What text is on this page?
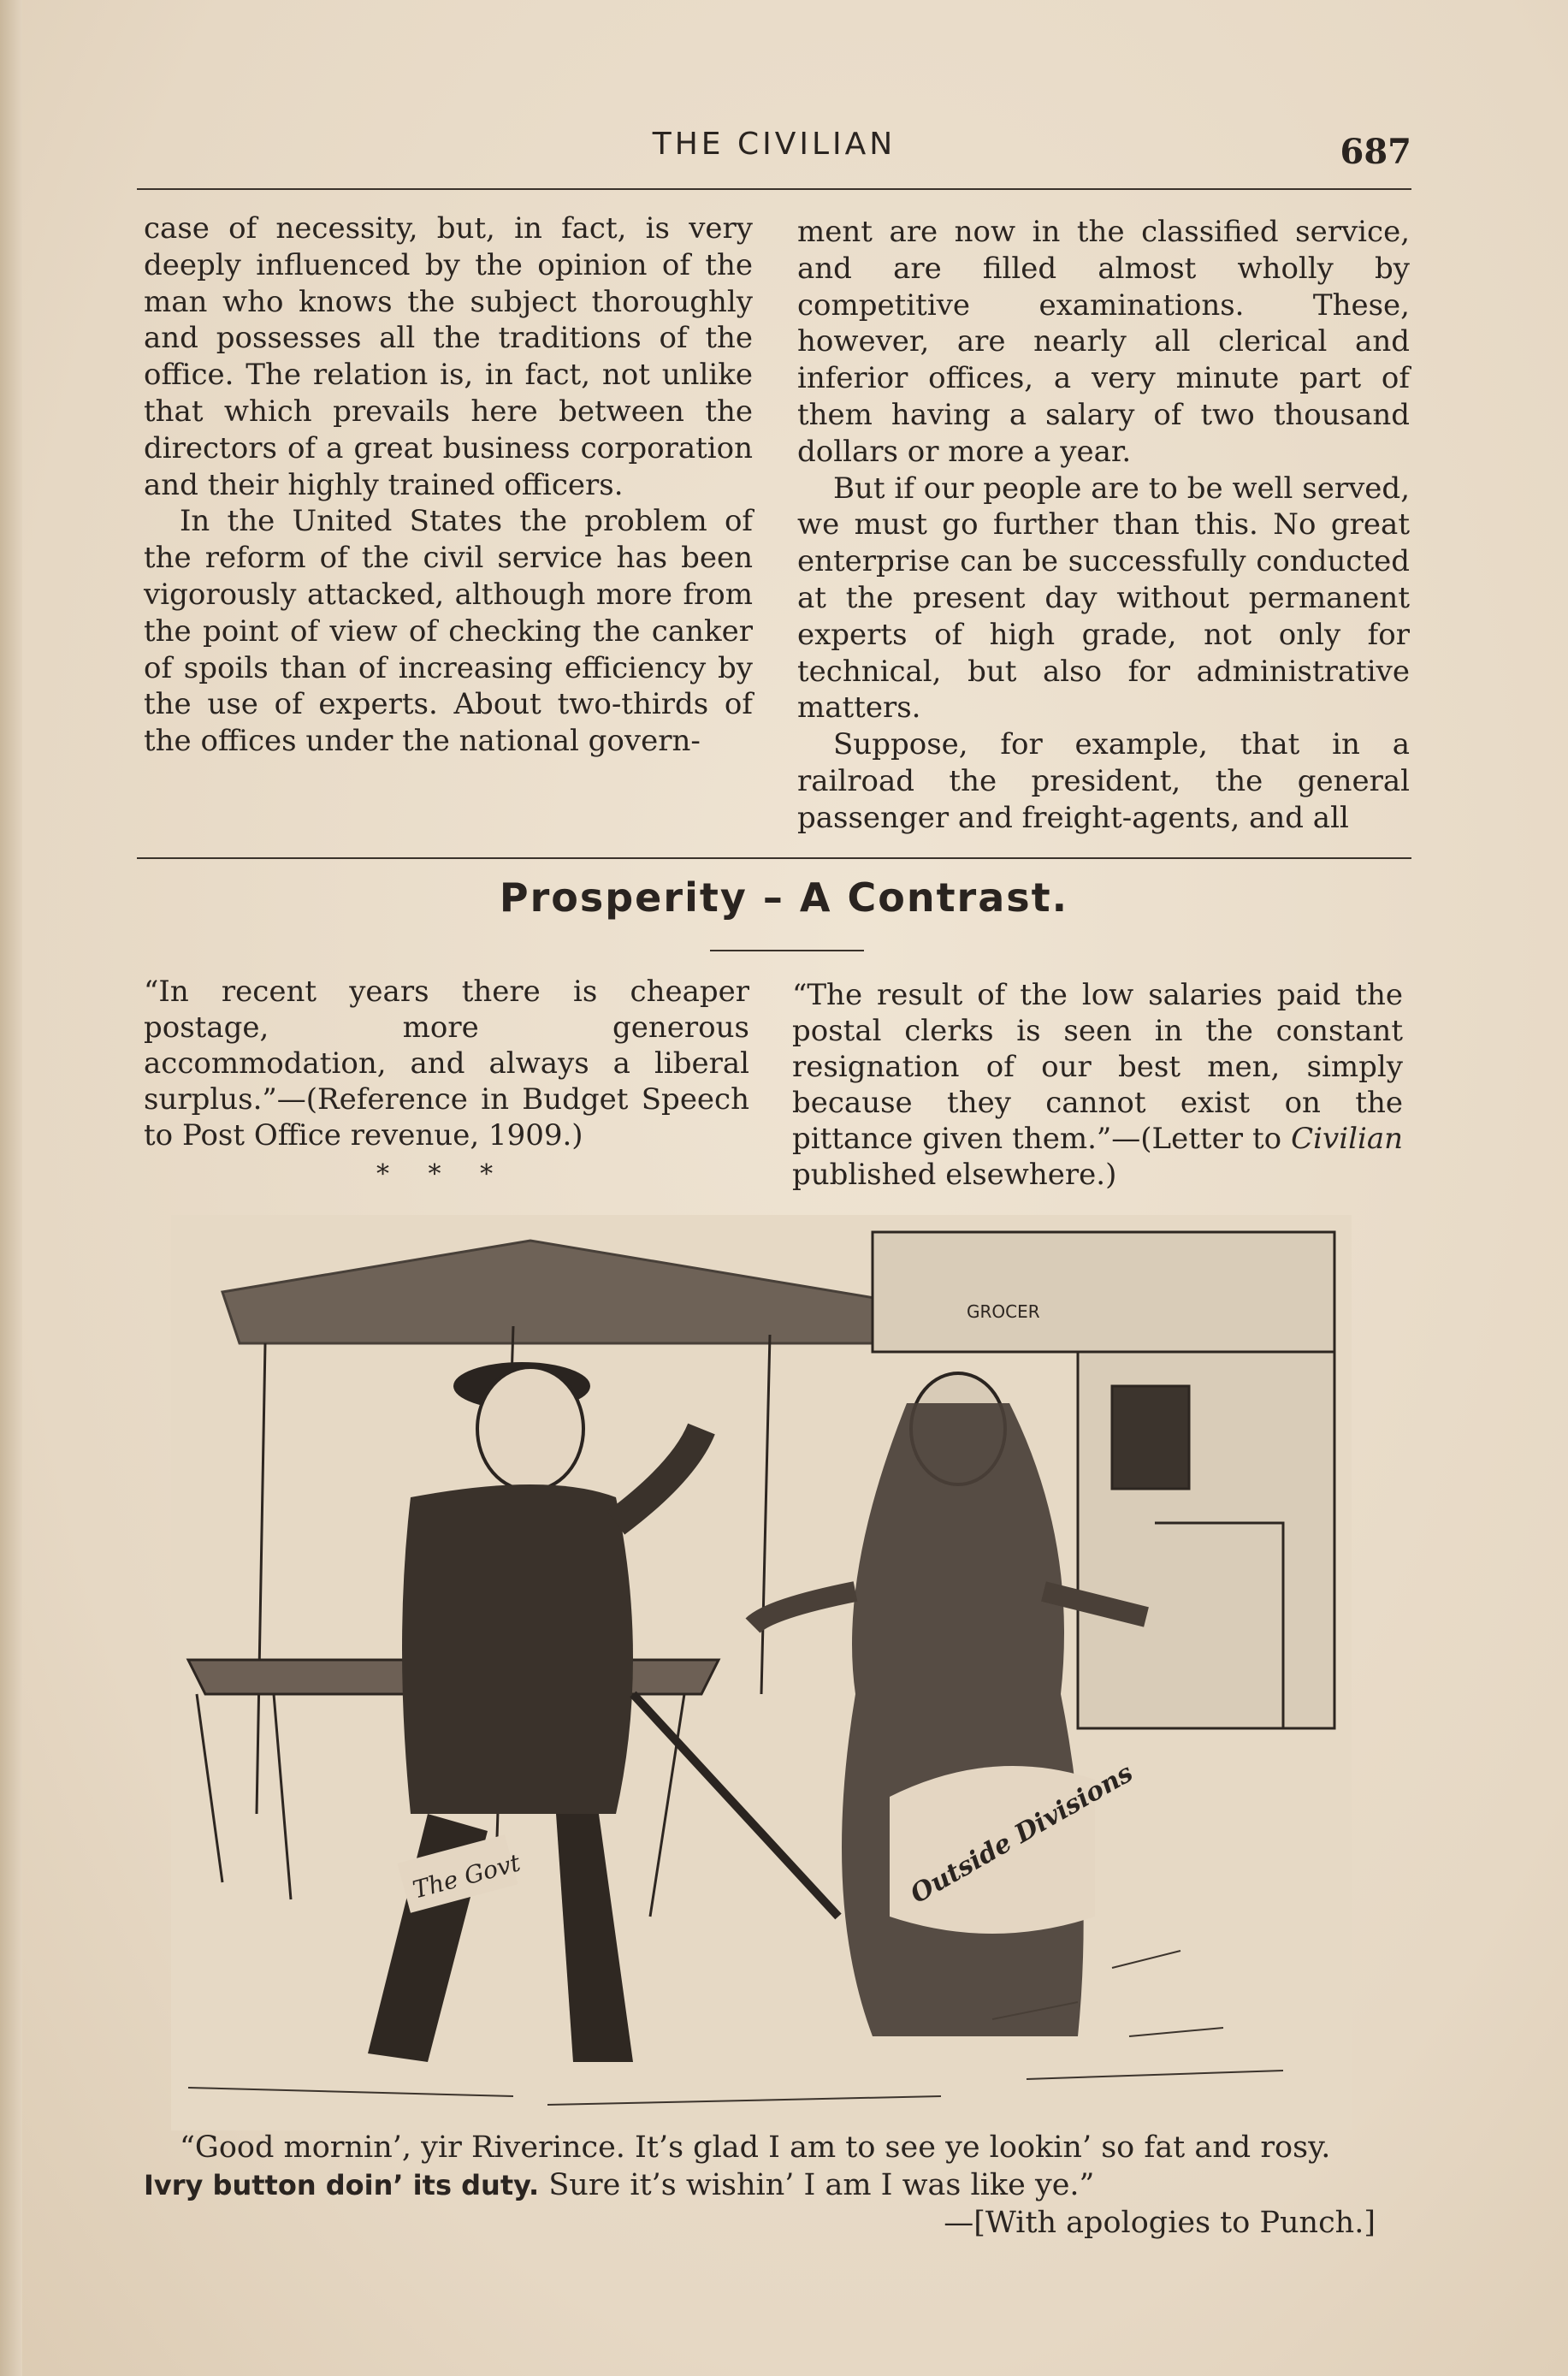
THE CIVILIAN	687

case of necessity, but, in fact, is very deeply influenced by the opinion of the man who knows the subject thoroughly and possesses all the traditions of the office. The relation is, in fact, not unlike that which prevails here between the directors of a great business corporation and their highly trained officers.

In the United States the problem of the reform of the civil service has been vigorously attacked, although more from the point of view of checking the canker of spoils than of increasing efficiency by the use of experts. About two-thirds of the offices under the national govern-

ment are now in the classified service, and are filled almost wholly by competitive examinations. These, however, are nearly all clerical and inferior offices, a very minute part of them having a salary of two thousand dollars or more a year.

But if our people are to be well served, we must go further than this. No great enterprise can be successfully conducted at the present day without permanent experts of high grade, not only for technical, but also for administrative matters.

Suppose, for example, that in a railroad the president, the general passenger and freight-agents, and all

Prosperity – A Contrast.

“In recent years there is cheaper postage, more generous accommodation, and always a liberal surplus.”—(Reference in Budget Speech to Post Office revenue, 1909.)

* * *

“The result of the low salaries paid the postal clerks is seen in the constant resignation of our best men, simply because they cannot exist on the pittance given them.”—(Letter to Civilian published elsewhere.)

GROCER
The Govt	Outside Divisions

“Good mornin’, yir Riverince. It’s glad I am to see ye lookin’ so fat and rosy. Ivry button doin’ its duty. Sure it’s wishin’ I am I was like ye.”

—[With apologies to Punch.]
